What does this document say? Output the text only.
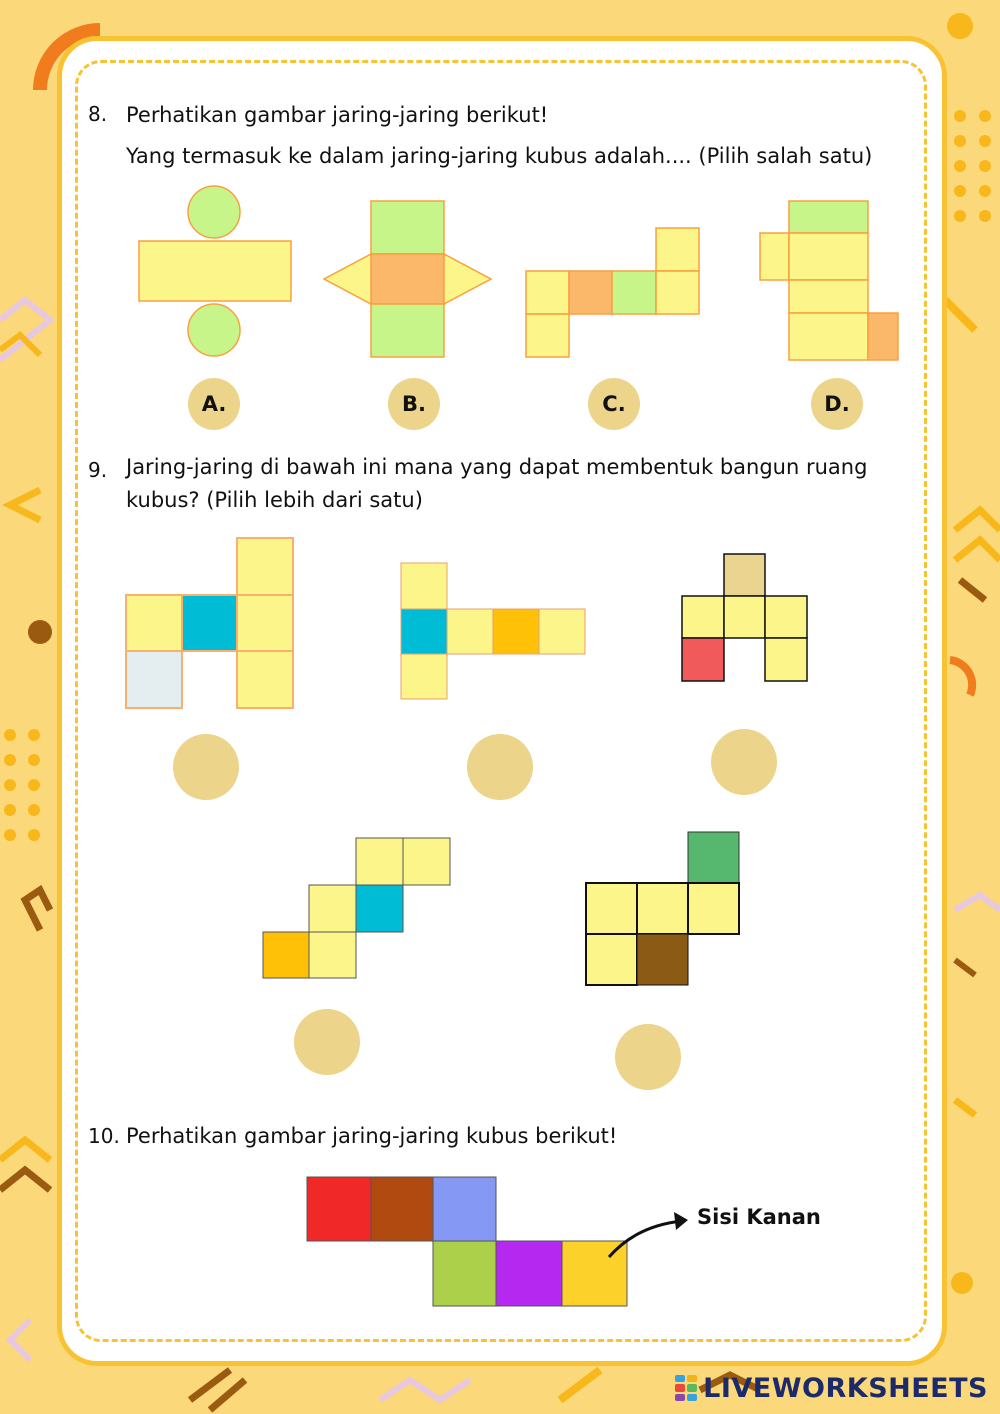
8. Perhatikan gambar jaring-jaring berikut!
Yang termasuk ke dalam jaring-jaring kubus adalah.... (Pilih salah satu)
A.	B.	C.	D.
9. Jaring-jaring di bawah ini mana yang dapat membentuk bangun ruang
kubus? (Pilih lebih dari satu)
10. Perhatikan gambar jaring-jaring kubus berikut!
Sisi Kanan
LIVEWORKSHEETS
